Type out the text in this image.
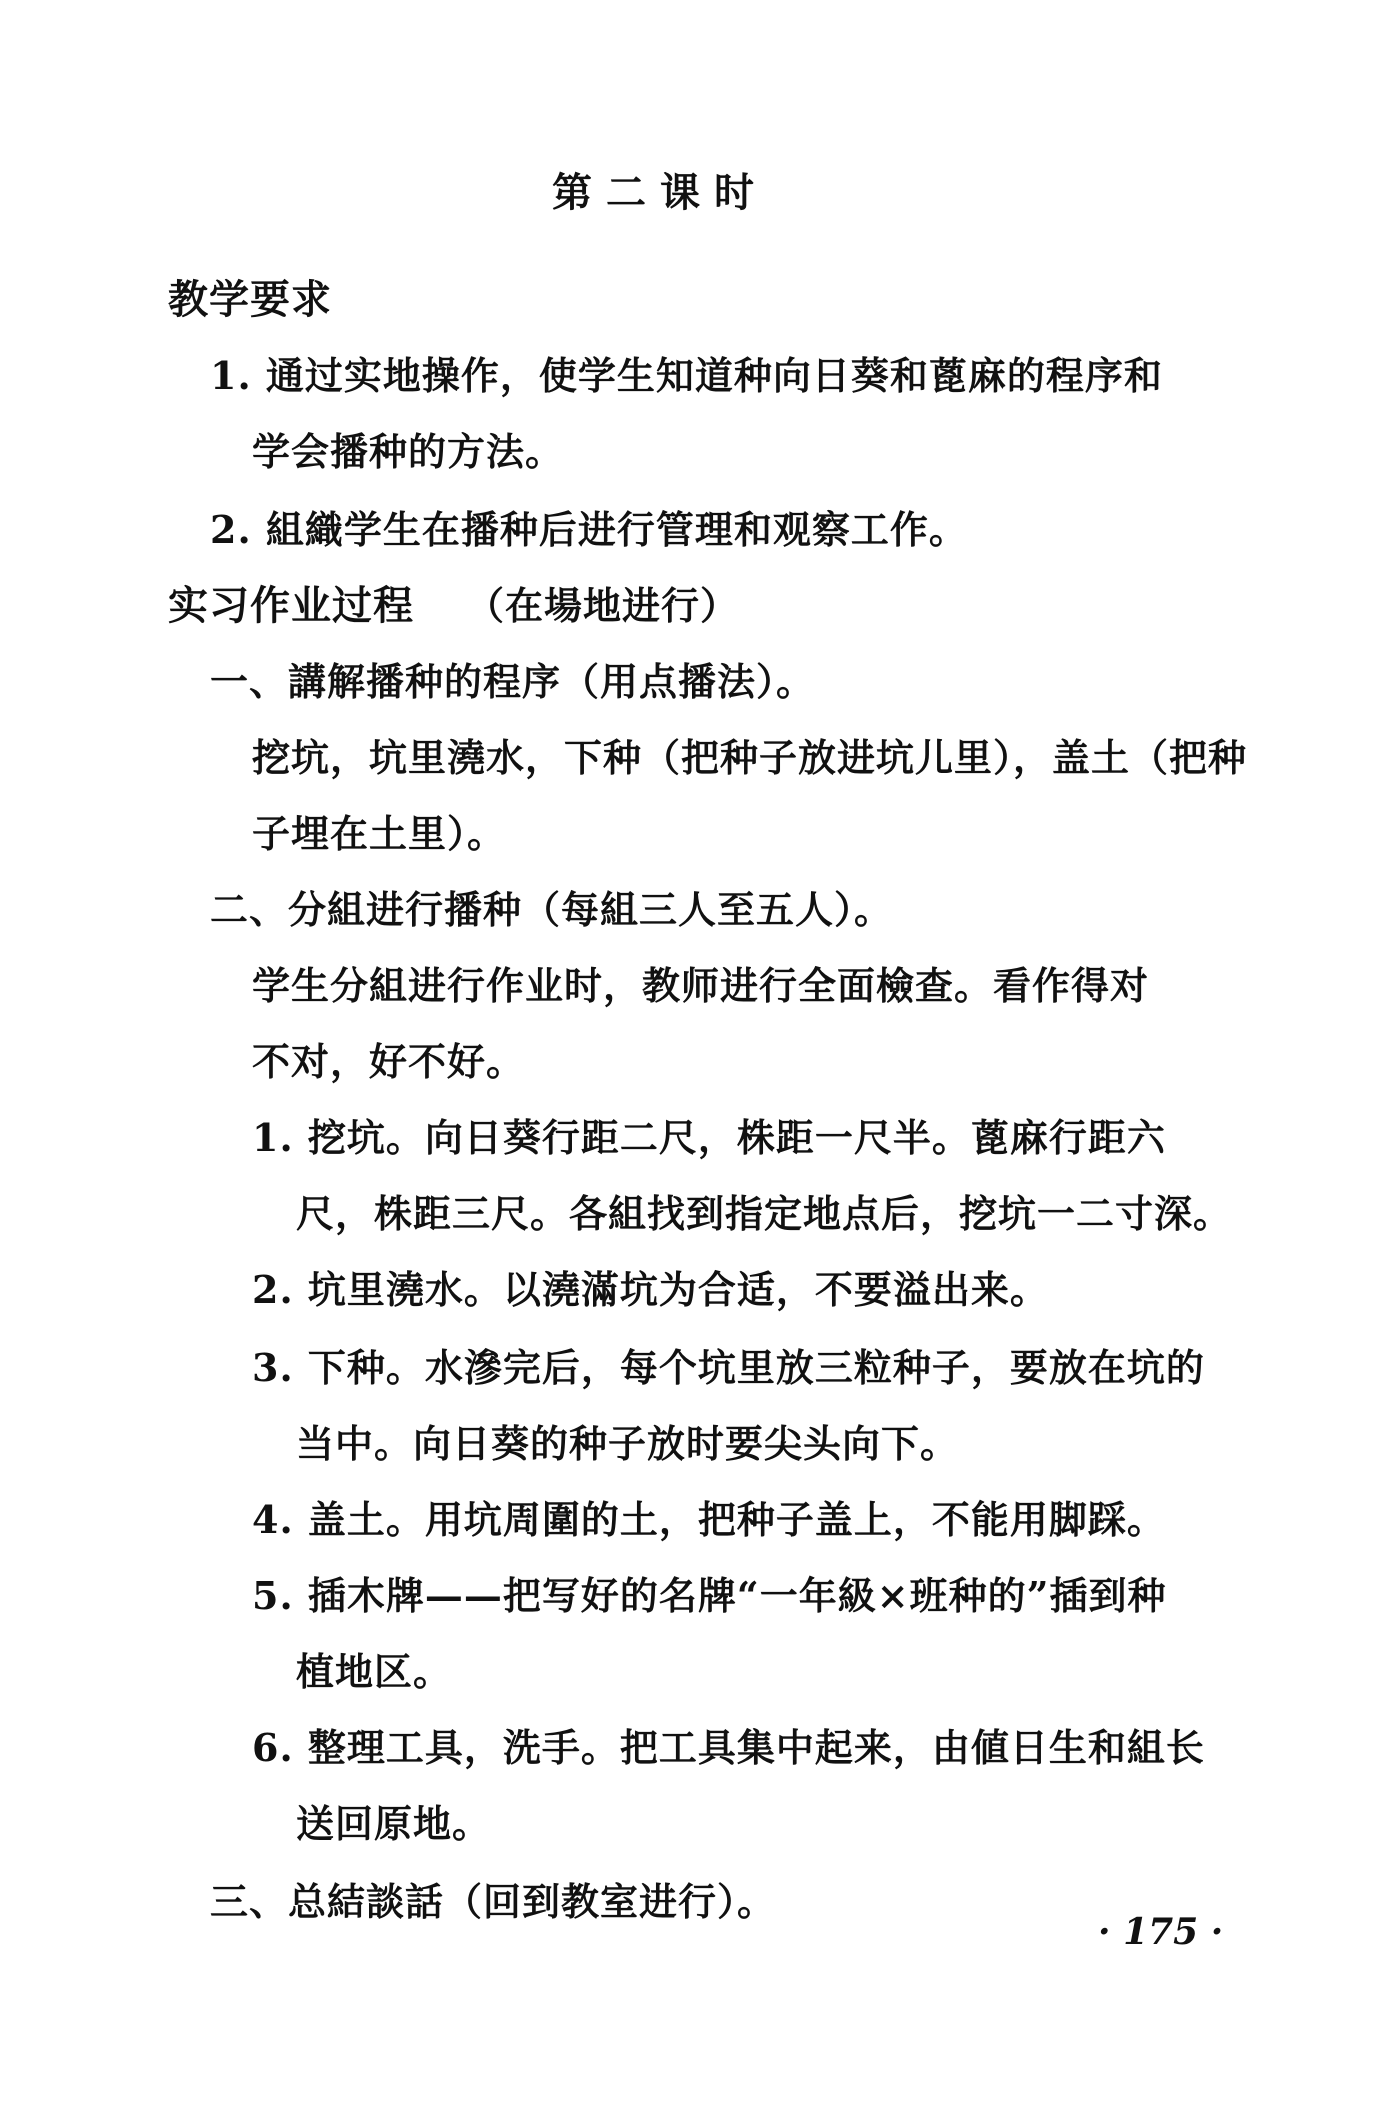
第二课时
教学要求
1. 通过实地操作，使学生知道种向日葵和蓖麻的程序和
学会播种的方法。
2. 組織学生在播种后进行管理和观察工作。
实习作业过程 （在場地进行）
一、講解播种的程序（用点播法）。
挖坑，坑里澆水，下种（把种子放进坑儿里），盖土（把种
子埋在土里）。
二、分組进行播种（每組三人至五人）。
学生分組进行作业时，教师进行全面檢查。看作得对
不对，好不好。
1. 挖坑。向日葵行距二尺，株距一尺半。蓖麻行距六
尺，株距三尺。各組找到指定地点后，挖坑一二寸深。
2. 坑里澆水。以澆滿坑为合适，不要溢出来。
3. 下种。水滲完后，每个坑里放三粒种子，要放在坑的
当中。向日葵的种子放时要尖头向下。
4. 盖土。用坑周圍的土，把种子盖上，不能用脚踩。
5. 插木牌——把写好的名牌“一年級×班种的”插到种
植地区。
6. 整理工具，洗手。把工具集中起来，由値日生和組长
送回原地。
三、总結談話（回到教室进行）。
· 175 ·
